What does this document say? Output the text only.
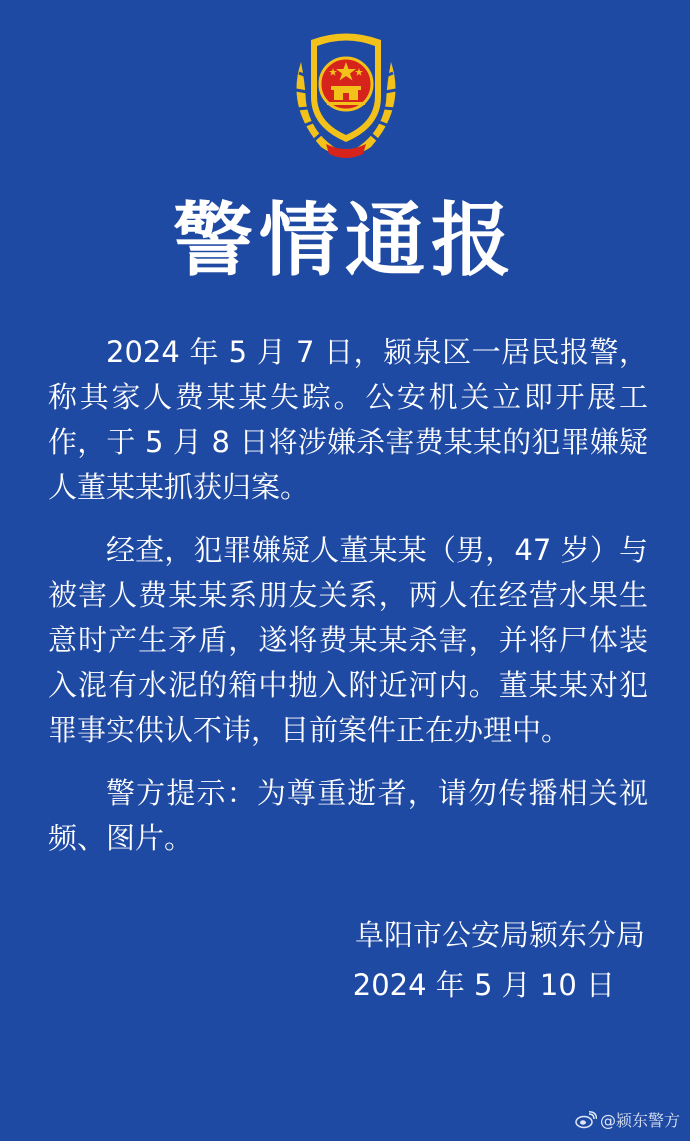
警情通报

2024 年 5 月 7 日，颍泉区一居民报警，称其家人费某某失踪。公安机关立即开展工作，于 5 月 8 日将涉嫌杀害费某某的犯罪嫌疑人董某某抓获归案。

经查，犯罪嫌疑人董某某（男，47 岁）与被害人费某某系朋友关系，两人在经营水果生意时产生矛盾，遂将费某某杀害，并将尸体装入混有水泥的箱中抛入附近河内。董某某对犯罪事实供认不讳，目前案件正在办理中。

警方提示：为尊重逝者，请勿传播相关视频、图片。

阜阳市公安局颍东分局
2024 年 5 月 10 日
@颍东警方
